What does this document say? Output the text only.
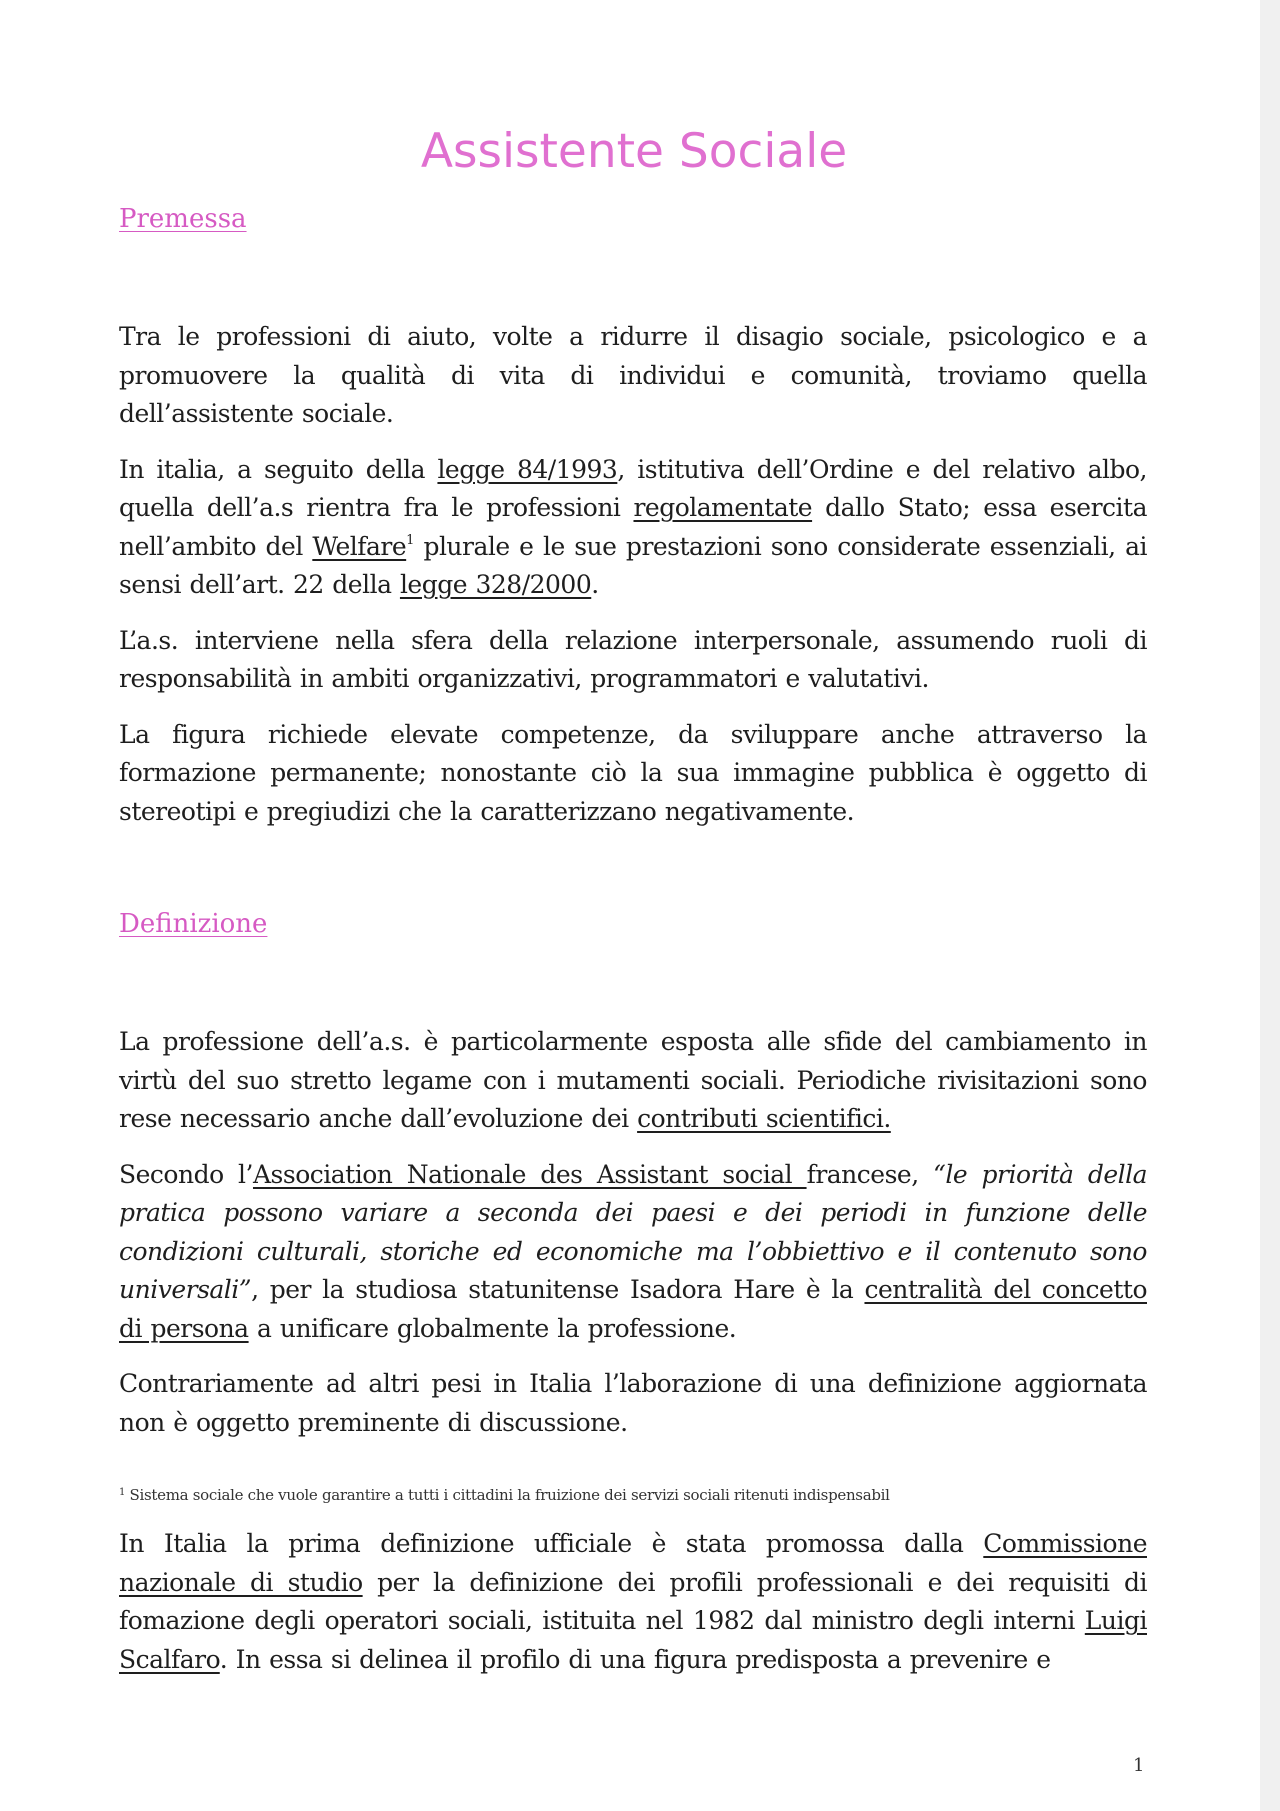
Assistente Sociale
Premessa

Tra le professioni di aiuto, volte a ridurre il disagio sociale, psicologico e a promuovere la qualità di vita di individui e comunità, troviamo quella dell’assistente sociale.

In italia, a seguito della legge 84/1993, istitutiva dell’Ordine e del relativo albo, quella dell’a.s rientra fra le professioni regolamentate dallo Stato; essa esercita nell’ambito del Welfare$^1$ plurale e le sue prestazioni sono considerate essenziali, ai sensi dell’art. 22 della legge 328/2000.

L’a.s. interviene nella sfera della relazione interpersonale, assumendo ruoli di responsabilità in ambiti organizzativi, programmatori e valutativi.

La figura richiede elevate competenze, da sviluppare anche attraverso la formazione permanente; nonostante ciò la sua immagine pubblica è oggetto di stereotipi e pregiudizi che la caratterizzano negativamente.

Definizione

La professione dell’a.s. è particolarmente esposta alle sfide del cambiamento in virtù del suo stretto legame con i mutamenti sociali. Periodiche rivisitazioni sono rese necessario anche dall’evoluzione dei contributi scientifici.

Secondo l’Association Nationale des Assistant social francese, “le priorità della pratica possono variare a seconda dei paesi e dei periodi in funzione delle condizioni culturali, storiche ed economiche ma l’obbiettivo e il contenuto sono universali”, per la studiosa statunitense Isadora Hare è la centralità del concetto di persona a unificare globalmente la professione.

Contrariamente ad altri pesi in Italia l’laborazione di una definizione aggiornata non è oggetto preminente di discussione.

$^1$ Sistema sociale che vuole garantire a tutti i cittadini la fruizione dei servizi sociali ritenuti indispensabil

In Italia la prima definizione ufficiale è stata promossa dalla Commissione nazionale di studio per la definizione dei profili professionali e dei requisiti di fomazione degli operatori sociali, istituita nel 1982 dal ministro degli interni Luigi Scalfaro. In essa si delinea il profilo di una figura predisposta a prevenire e

1
